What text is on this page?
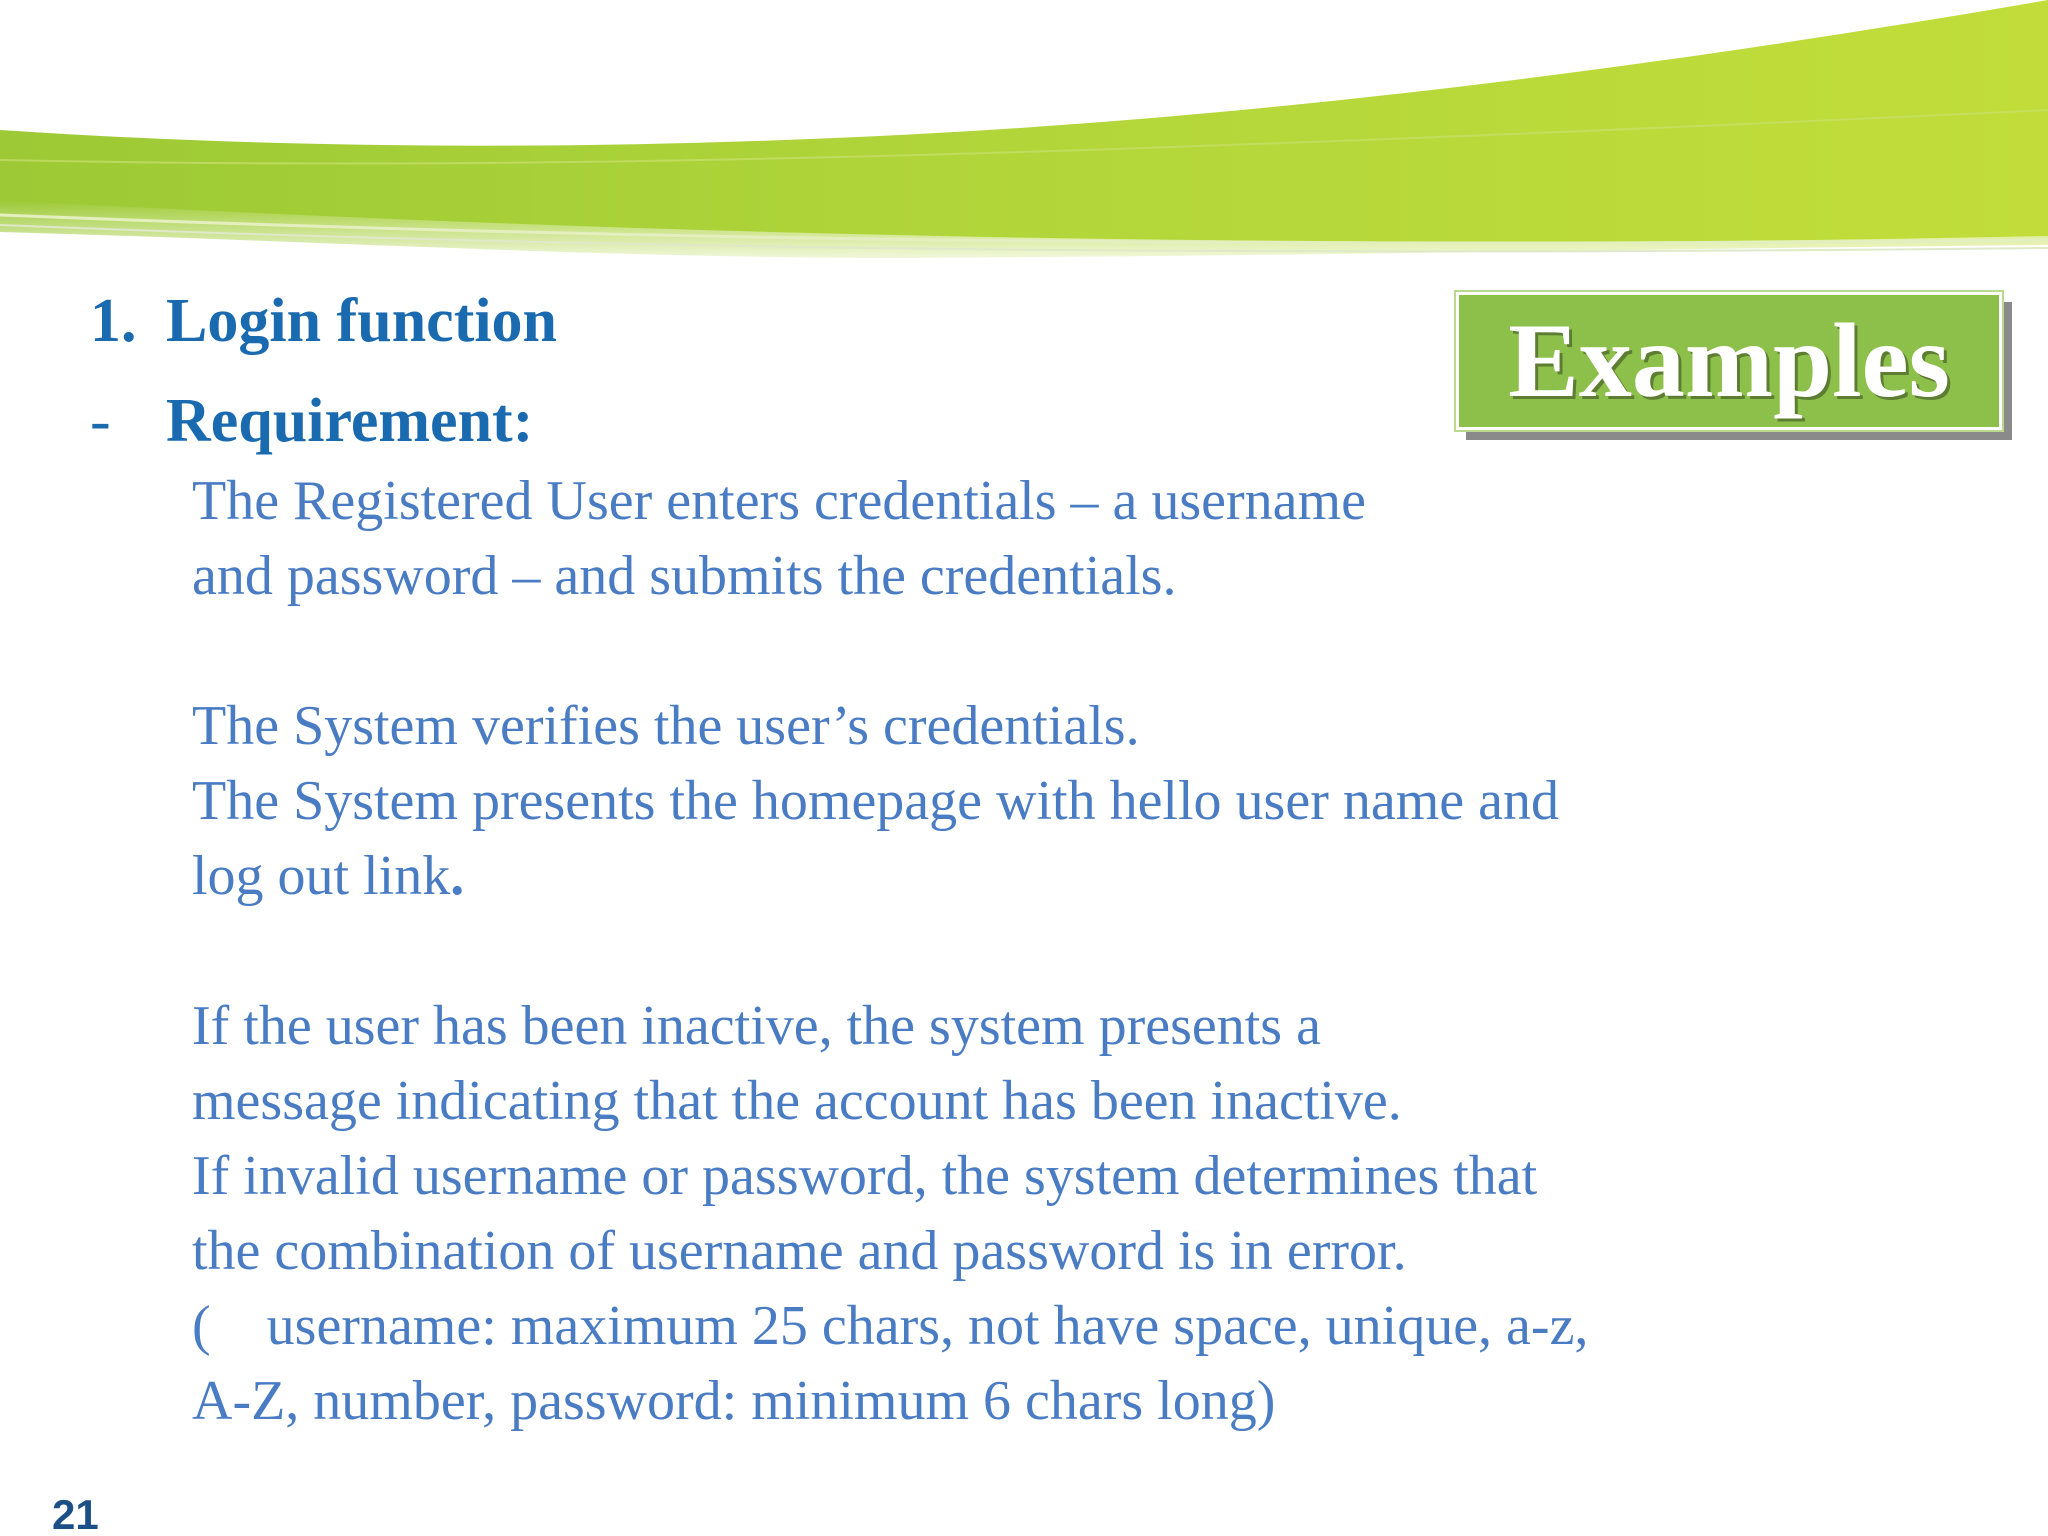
1. Login function
- Requirement:
Examples
The Registered User enters credentials – a username
and password – and submits the credentials.
The System verifies the user’s credentials.
The System presents the homepage with hello user name and
log out link.
If the user has been inactive, the system presents a
message indicating that the account has been inactive.
If invalid username or password, the system determines that
the combination of username and password is in error.
(    username: maximum 25 chars, not have space, unique, a-z,
A-Z, number, password: minimum 6 chars long)
21
